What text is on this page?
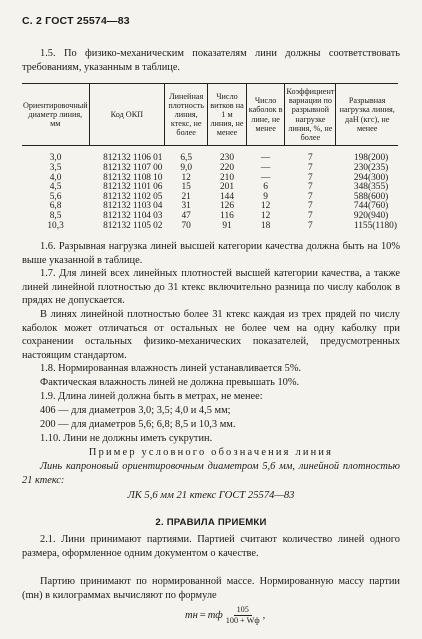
С. 2 ГОСТ 25574—83
1.5. По физико-механическим показателям лини должны соответствовать требованиям, указанным в таблице.
Ориентировочный диаметр линия, мм	Код ОКП	Линейная плотность линия, ктекс, не более	Число витков на 1 м линия, не менее	Число каболок в лине, не менее	Коэффициент вариации по разрывной нагрузке линия, %, не более	Разрывная нагрузка линия, даН (кгс), не менее
3,0	812132 1106 01	6,5	230	—	7	198(200)
3,5	812132 1107 00	9,0	220	—	7	230(235)
4,0	812132 1108 10	12	210	—	7	294(300)
4,5	812132 1101 06	15	201	6	7	348(355)
5,6	812132 1102 05	21	144	9	7	588(600)
6,8	812132 1103 04	31	126	12	7	744(760)
8,5	812132 1104 03	47	116	12	7	920(940)
10,3	812132 1105 02	70	91	18	7	1155(1180)
1.6. Разрывная нагрузка линей высшей категории качества должна быть на 10% выше указанной в таблице.
1.7. Для линей всех линейных плотностей высшей категории качества, а также линей линейной плотностью до 31 ктекс включительно разница по числу каболок в прядях не допускается.
В линях линейной плотностью более 31 ктекс каждая из трех прядей по числу каболок может отличаться от остальных не более чем на одну каболку при сохранении остальных физико-механических показателей, предусмотренных настоящим стандартом.
1.8. Нормированная влажность линей устанавливается 5%.
Фактическая влажность линей не должна превышать 10%.
1.9. Длина линей должна быть в метрах, не менее:
406 — для диаметров 3,0; 3,5; 4,0 и 4,5 мм;
200 — для диаметров 5,6; 6,8; 8,5 и 10,3 мм.
1.10. Лини не должны иметь сукрутин.
Пример условного обозначения линия
Линь капроновый ориентировочным диаметром 5,6 мм, линейной плотностью 21 ктекс:
ЛК 5,6 мм 21 ктекс ГОСТ 25574—83
2. ПРАВИЛА ПРИЕМКИ
2.1. Лини принимают партиями. Партией считают количество линей одного размера, оформленное одним документом о качестве.
Партию принимают по нормированной массе. Нормированную массу партии (mн) в килограммах вычисляют по формуле
mн = mф $\frac{105}{100 + Wф}$ ,
